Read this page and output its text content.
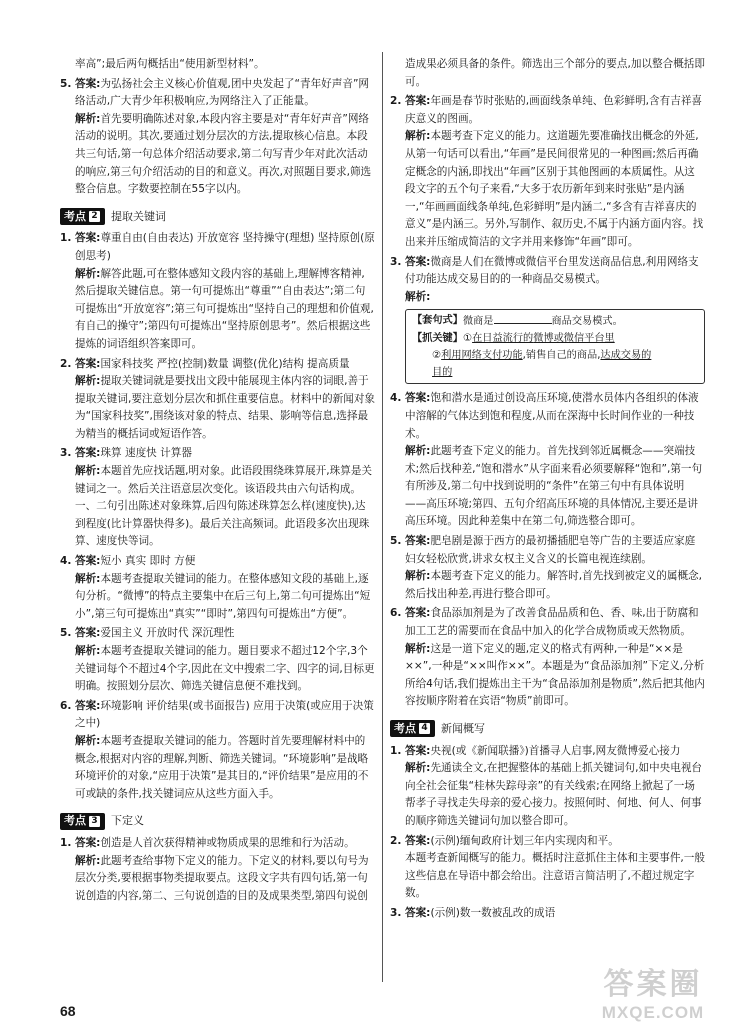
率高”;最后两句概括出“使用新型材料”。

5. 答案:为弘扬社会主义核心价值观,团中央发起了“青年好声音”网络活动,广大青少年积极响应,为网络注入了正能量。

解析:首先要明确陈述对象,本段内容主要是对“青年好声音”网络活动的说明。其次,要通过划分层次的方法,提取核心信息。本段共三句话,第一句总体介绍活动要求,第二句写青少年对此次活动的响应,第三句介绍活动的目的和意义。再次,对照题目要求,筛选整合信息。字数要控制在55字以内。

考点 2 提取关键词

1. 答案:尊重自由(自由表达) 开放宽容 坚持操守(理想) 坚持原创(原创思考)

解析:解答此题,可在整体感知文段内容的基础上,理解博客精神,然后提取关键信息。第一句可提炼出“尊重”“自由表达”;第二句可提炼出“开放宽容”;第三句可提炼出“坚持自己的理想和价值观,有自己的操守”;第四句可提炼出“坚持原创思考”。然后根据这些提炼的词语组织答案即可。

2. 答案:国家科技奖 严控(控制)数量 调整(优化)结构 提高质量

解析:提取关键词就是要找出文段中能展现主体内容的词眼,善于提取关键词,要注意划分层次和抓住重要信息。材料中的新闻对象为“国家科技奖”,围绕该对象的特点、结果、影响等信息,选择最为精当的概括词或短语作答。

3. 答案:珠算 速度快 计算器

解析:本题首先应找话题,明对象。此语段围绕珠算展开,珠算是关键词之一。然后关注语意层次变化。该语段共由六句话构成。一、二句引出陈述对象珠算,后四句陈述珠算怎么样(速度快),达到程度(比计算器快得多)。最后关注高频词。此语段多次出现珠算、速度快等词。

4. 答案:短小 真实 即时 方便

解析:本题考查提取关键词的能力。在整体感知文段的基础上,逐句分析。“微博”的特点主要集中在后三句上,第二句可提炼出“短小”,第三句可提炼出“真实”“即时”,第四句可提炼出“方便”。

5. 答案:爱国主义 开放时代 深沉理性

解析:本题考查提取关键词的能力。题目要求不超过12个字,3个关键词每个不超过4个字,因此在文中搜索二字、四字的词,目标更明确。按照划分层次、筛选关键信息便不难找到。

6. 答案:环境影响 评价结果(或书面报告) 应用于决策(或应用于决策之中)

解析:本题考查提取关键词的能力。答题时首先要理解材料中的概念,根据对内容的理解,判断、筛选关键词。“环境影响”是战略环境评价的对象,“应用于决策”是其目的,“评价结果”是应用的不可或缺的条件,找关键词应从这些方面入手。

考点 3 下定义

1. 答案:创造是人首次获得精神或物质成果的思维和行为活动。

解析:此题考查给事物下定义的能力。下定义的材料,要以句号为层次分类,要根据事物类提取要点。这段文字共有四句话,第一句说创造的内容,第二、三句说创造的目的及成果类型,第四句说创

造成果必须具备的条件。筛选出三个部分的要点,加以整合概括即可。

2. 答案:年画是春节时张贴的,画面线条单纯、色彩鲜明,含有吉祥喜庆意义的图画。

解析:本题考查下定义的能力。这道题先要准确找出概念的外延,从第一句话可以看出,“年画”是民间很常见的一种图画;然后再确定概念的内涵,即找出“年画”区别于其他图画的本质属性。从这段文字的五个句子来看,“大多于农历新年到来时张贴”是内涵一,“年画画面线条单纯,色彩鲜明”是内涵二,“多含有吉祥喜庆的意义”是内涵三。另外,写制作、叙历史,不属于内涵方面内容。找出来并压缩成简洁的文字并用来修饰“年画”即可。

3. 答案:微商是人们在微博或微信平台里发送商品信息,利用网络支付功能达成交易目的的一种商品交易模式。

解析:

【套句式】 微商是	商品交易模式。
【抓关键】 ①在日益流行的微博或微信平台里
②利用网络支付功能,销售自己的商品,达成交易的
目的

4. 答案:饱和潜水是通过创设高压环境,使潜水员体内各组织的体液中溶解的气体达到饱和程度,从而在深海中长时间作业的一种技术。

解析:此题考查下定义的能力。首先找到邻近属概念——突端技术;然后找种差,“饱和潜水”从字面来看必须要解释“饱和”,第一句有所涉及,第二句中找到说明的“条件”在第三句中有具体说明——高压环境;第四、五句介绍高压环境的具体情况,主要还是讲高压环境。因此种差集中在第二句,筛选整合即可。

5. 答案:肥皂剧是源于西方的最初播插肥皂等广告的主要适应家庭妇女轻松欣赏,讲求女权主义含义的长篇电视连续剧。

解析:本题考查下定义的能力。解答时,首先找到被定义的属概念,然后找出种差,再进行整合即可。

6. 答案:食品添加剂是为了改善食品品质和色、香、味,出于防腐和加工工艺的需要而在食品中加入的化学合成物质或天然物质。

解析:这是一道下定义的题,定义的格式有两种,一种是“××是××”,一种是“××叫作××”。本题是为“食品添加剂”下定义,分析所给4句话,我们提炼出主干为“食品添加剂是物质”,然后把其他内容按顺序附着在宾语“物质”前即可。

考点 4 新闻概写

1. 答案:央视(或《新闻联播》)首播寻人启事,网友微博爱心接力

解析:先通读全文,在把握整体的基础上抓关键词句,如中央电视台向全社会征集“桂林失踪母亲”的有关线索;在网络上掀起了一场帮孝子寻找走失母亲的爱心接力。按照何时、何地、何人、何事的顺序筛选关键词句加以整合即可。

2. 答案:(示例)缅甸政府计划三年内实现肉和平。

本题考查新闻概写的能力。概括时注意抓住主体和主要事件,一般这些信息在导语中都会给出。注意语言简洁明了,不超过规定字数。

3. 答案:(示例)数一数被乱改的成语

68
答案圈
MXQE.COM
